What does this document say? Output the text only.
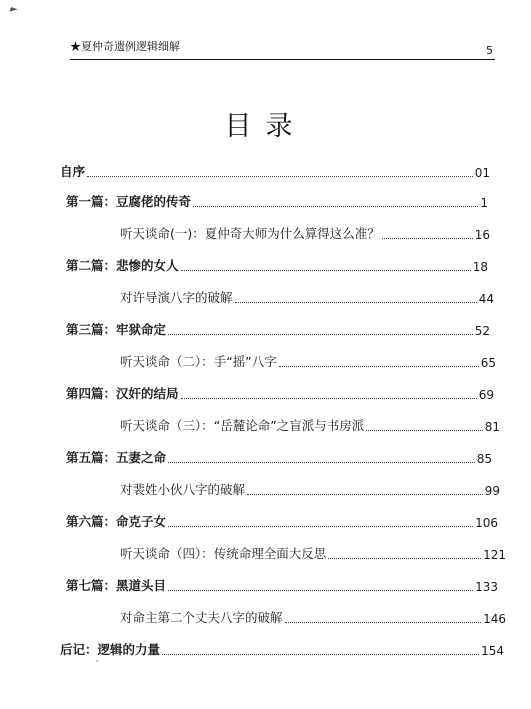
★夏仲奇遗例逻辑细解	5
目录
自序	01
第一篇：豆腐佬的传奇	1
听天谈命(一)：夏仲奇大师为什么算得这么准？	16
第二篇：悲惨的女人	18
对许导演八字的破解	44
第三篇：牢狱命定	52
听天谈命（二）：手“摇”八字	65
第四篇：汉奸的结局	69
听天谈命（三）：“岳麓论命”之盲派与书房派	81
第五篇：五妻之命	85
对裴姓小伙八字的破解	99
第六篇：命克子女	106
听天谈命（四）：传统命理全面大反思	121
第七篇：黑道头目	133
对命主第二个丈夫八字的破解	146
后记：逻辑的力量	154
